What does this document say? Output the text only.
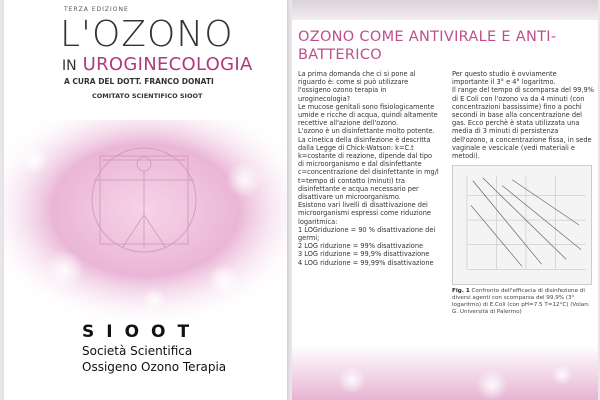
TERZA EDIZIONE
L'OZONO
IN UROGINECOLOGIA
A CURA DEL DOTT. FRANCO DONATI
COMITATO SCIENTIFICO SIOOT
SIOOT
Società Scientifica
Ossigeno Ozono Terapia
OZONO COME ANTIVIRALE E ANTI-BATTERICO

La prima domanda che ci si pone al riguardo è: come si può utilizzare l'ossigeno ozono terapia in uroginecologia?

Le mucose genitali sono fisiologicamente umide e ricche di acqua, quindi altamente recettive all'azione dell'ozono.

L'ozono è un disinfettante molto potente.

La cinetica della disinfezione è descritta dalla Legge di Chick-Watson: k=C.t

k=costante di reazione, dipende dal tipo di microorganismo e dal disinfettante

c=concentrazione del disinfettante in mg/l

t=tempo di contatto (minuti) tra disinfettante e acqua necessario per disattivare un microorganismo.

Esistono vari livelli di disattivazione dei microorganismi espressi come riduzione logaritmica:

1 LOGriduzione = 90 % disattivazione dei germi;

2 LOG riduzione = 99% disattivazione

3 LOG riduzione = 99,9% disattivazione

4 LOG riduzione = 99,99% disattivazione

Per questo studio è ovviamente importante il 3° e 4° logaritmo.

Il range del tempo di scomparsa del 99,9% di E Coli con l'ozono va da 4 minuti (con concentrazioni bassissime) fino a pochi secondi in base alla concentrazione del gas. Ecco perchè è stata utilizzata una media di 3 minuti di persistenza dell'ozono, a concentrazione fissa, in sede vaginale e vescicale (vedi materiali e metodi).

Fig. 1 Confronto dell'efficacia di disinfezione di diversi agenti con scomparsa del 99,9% (3° logaritmo) di E.Coli (con pH=7.5 T=12°C) (Volan: G. Università di Palermo)
